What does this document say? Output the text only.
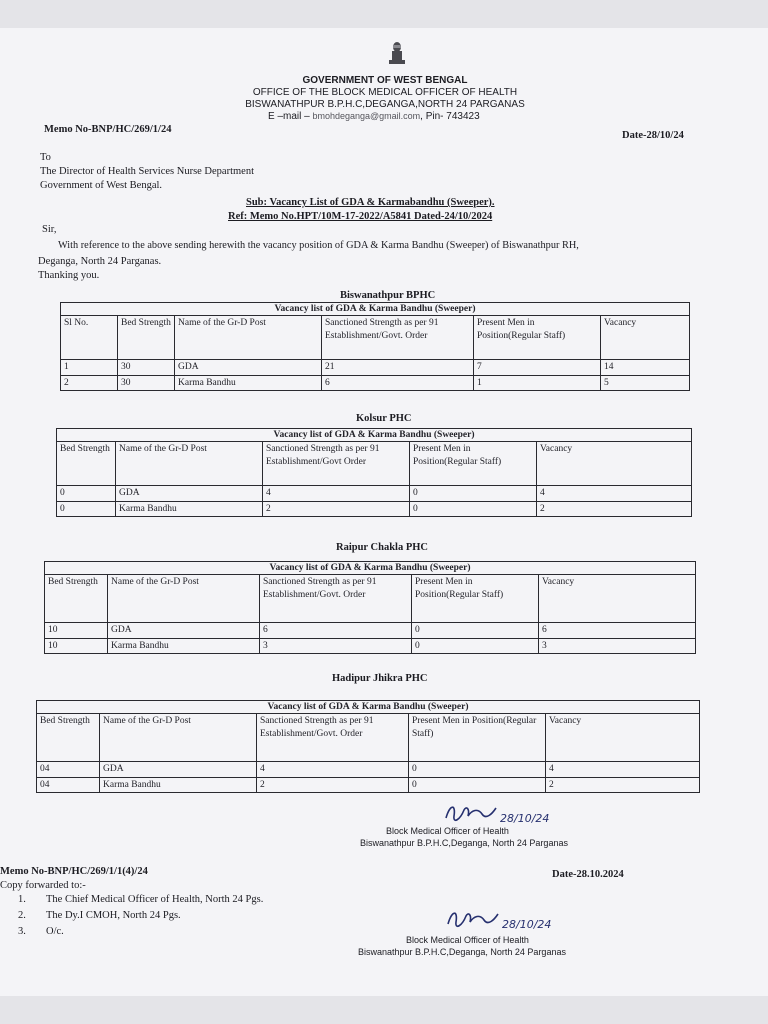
GOVERNMENT OF WEST BENGAL
OFFICE OF THE BLOCK MEDICAL OFFICER OF HEALTH
BISWANATHPUR B.P.H.C,DEGANGA,NORTH 24 PARGANAS
E –mail – bmohdeganga@gmail.com, Pin- 743423
Memo No-BNP/HC/269/1/24
Date-28/10/24
To
The Director of Health Services Nurse Department
Government of West Bengal.
Sub: Vacancy List of GDA & Karmabandhu (Sweeper).
Ref: Memo No.HPT/10M-17-2022/A5841 Dated-24/10/2024
Sir,
With reference to the above sending herewith the vacancy position of GDA & Karma Bandhu (Sweeper) of Biswanathpur RH,
Deganga, North 24 Parganas.
Thanking you.
Biswanathpur BPHC
Vacancy list of GDA & Karma Bandhu (Sweeper)					
Sl No.	Bed Strength	Name of the Gr-D Post	Sanctioned Strength as per 91 Establishment/Govt. Order	Present Men in Position(Regular Staff)	Vacancy
1	30	GDA	21	7	14
2	30	Karma Bandhu	6	1	5
Kolsur PHC
Vacancy list of GDA & Karma Bandhu (Sweeper)				
Bed Strength	Name of the Gr-D Post	Sanctioned Strength as per 91 Establishment/Govt Order	Present Men in Position(Regular Staff)	Vacancy
0	GDA	4	0	4
0	Karma Bandhu	2	0	2
Raipur Chakla PHC
Vacancy list of GDA & Karma Bandhu (Sweeper)				
Bed Strength	Name of the Gr-D Post	Sanctioned Strength as per 91 Establishment/Govt. Order	Present Men in Position(Regular Staff)	Vacancy
10	GDA	6	0	6
10	Karma Bandhu	3	0	3
Hadipur Jhikra PHC
Vacancy list of GDA & Karma Bandhu (Sweeper)				
Bed Strength	Name of the Gr-D Post	Sanctioned Strength as per 91 Establishment/Govt. Order	Present Men in Position(Regular Staff)	Vacancy
04	GDA	4	0	4
04	Karma Bandhu	2	0	2
28/10/24
Block Medical Officer of Health
Biswanathpur B.P.H.C,Deganga, North 24 Parganas
Memo No-BNP/HC/269/1/1(4)/24	Date-28.10.2024
Copy forwarded to:-
1. The Chief Medical Officer of Health, North 24 Pgs.
2. The Dy.I CMOH, North 24 Pgs.
3. O/c.
28/10/24
Block Medical Officer of Health
Biswanathpur B.P.H.C,Deganga, North 24 Parganas
